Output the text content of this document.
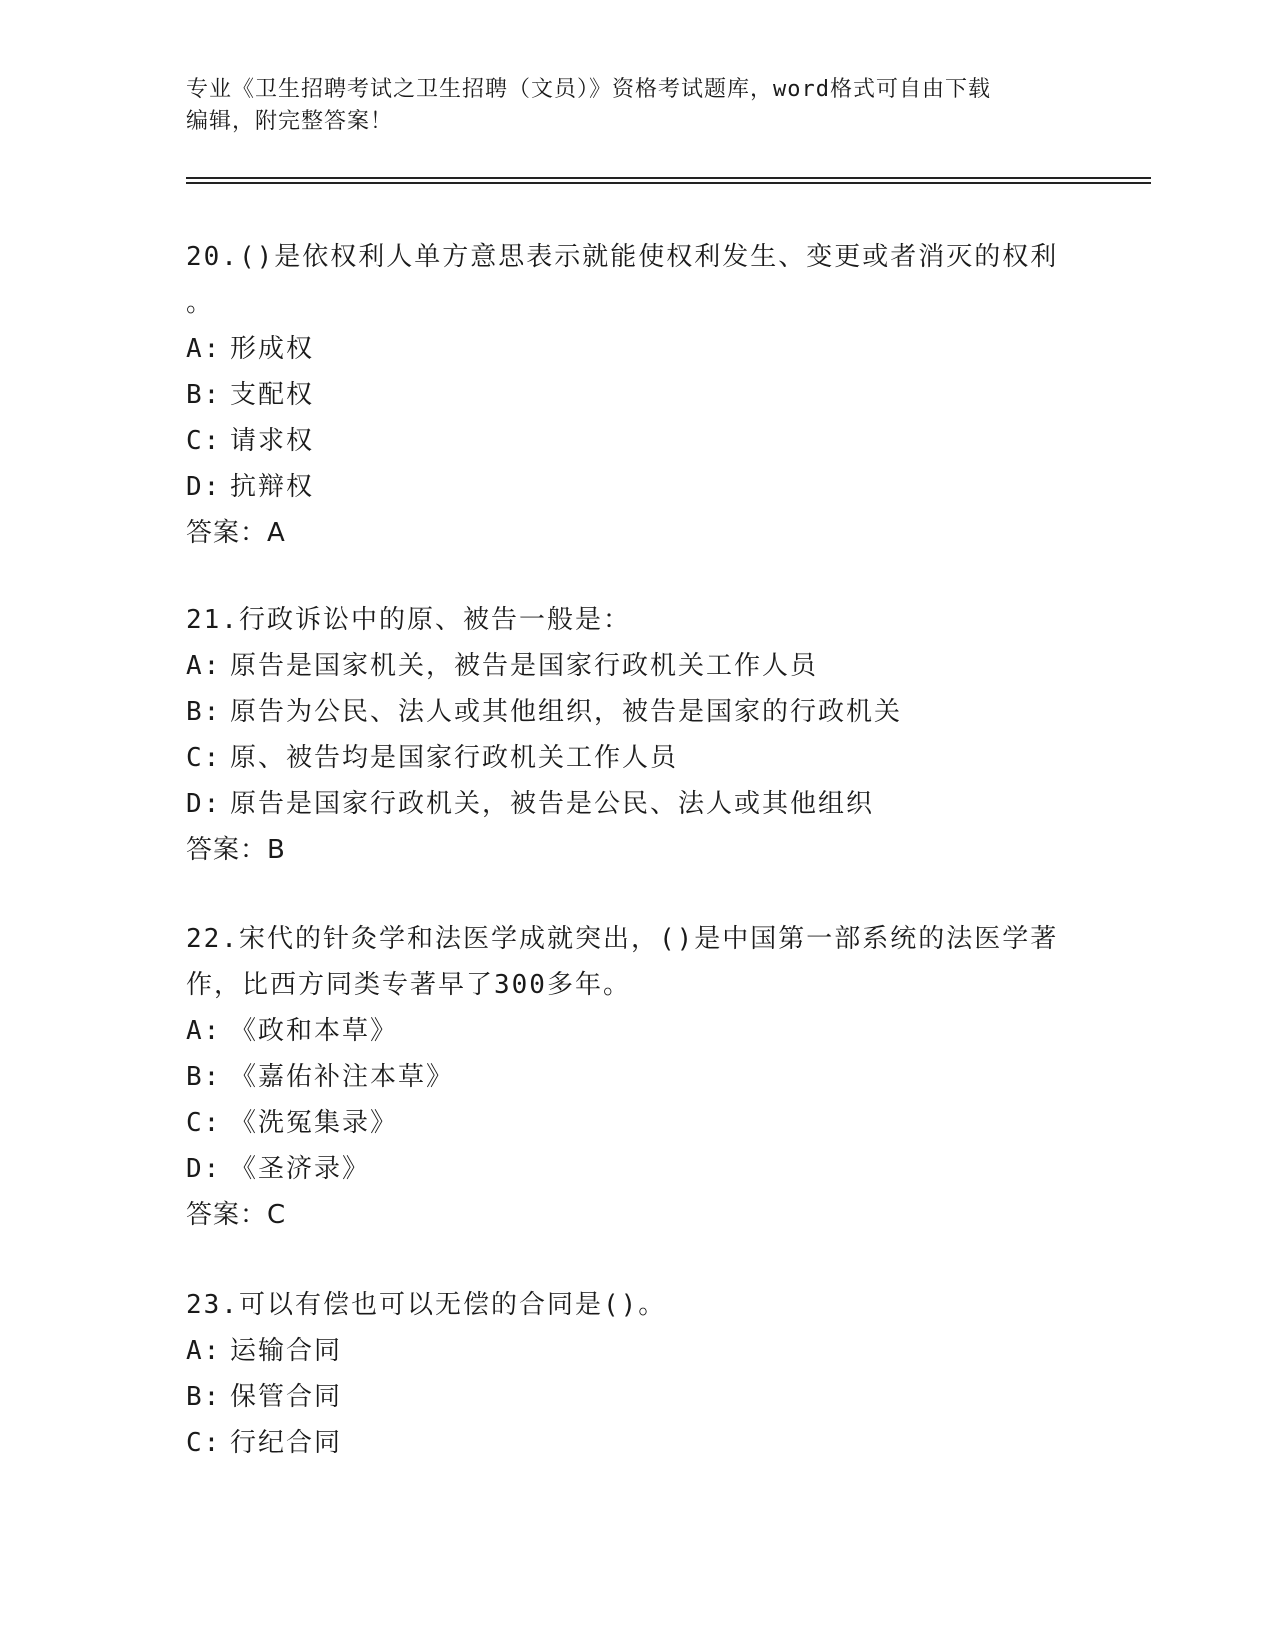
专业《卫生招聘考试之卫生招聘（文员）》资格考试题库，word格式可自由下载
编辑，附完整答案！

20.()是依权利人单方意思表示就能使权利发生、变更或者消灭的权利

。

A: 形成权

B: 支配权

C: 请求权

D: 抗辩权

答案：A

21.行政诉讼中的原、被告一般是：

A: 原告是国家机关，被告是国家行政机关工作人员

B: 原告为公民、法人或其他组织，被告是国家的行政机关

C: 原、被告均是国家行政机关工作人员

D: 原告是国家行政机关，被告是公民、法人或其他组织

答案：B

22.宋代的针灸学和法医学成就突出，()是中国第一部系统的法医学著

作，比西方同类专著早了300多年。

A: 《政和本草》

B: 《嘉佑补注本草》

C: 《洗冤集录》

D: 《圣济录》

答案：C

23.可以有偿也可以无偿的合同是()。

A: 运输合同

B: 保管合同

C: 行纪合同
